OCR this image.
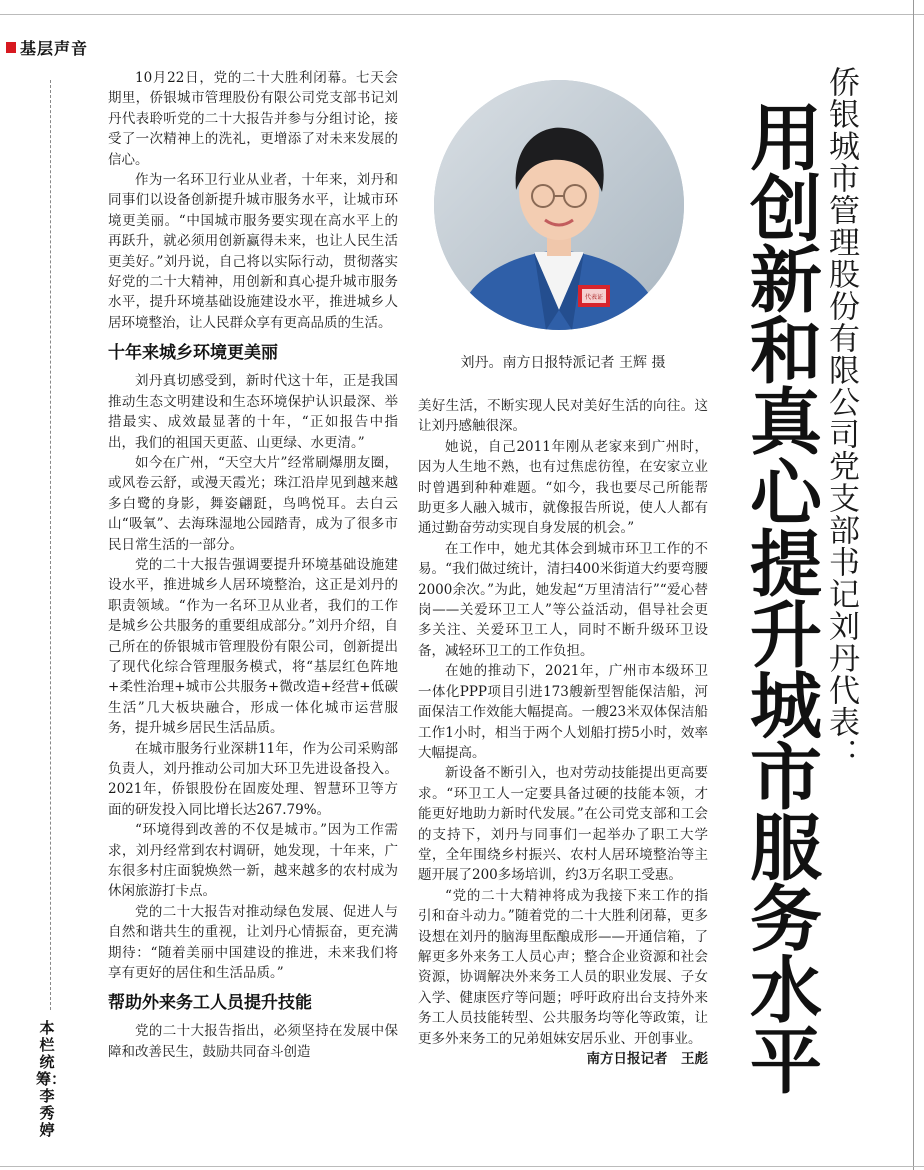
基层声音
本栏统筹：李秀婷

10月22日，党的二十大胜利闭幕。七天会期里，侨银城市管理股份有限公司党支部书记刘丹代表聆听党的二十大报告并参与分组讨论，接受了一次精神上的洗礼，更增添了对未来发展的信心。

作为一名环卫行业从业者，十年来，刘丹和同事们以设备创新提升城市服务水平，让城市环境更美丽。“中国城市服务要实现在高水平上的再跃升，就必须用创新赢得未来，也让人民生活更美好。”刘丹说，自己将以实际行动，贯彻落实好党的二十大精神，用创新和真心提升城市服务水平，提升环境基础设施建设水平，推进城乡人居环境整治，让人民群众享有更高品质的生活。

十年来城乡环境更美丽

刘丹真切感受到，新时代这十年，正是我国推动生态文明建设和生态环境保护认识最深、举措最实、成效最显著的十年，“正如报告中指出，我们的祖国天更蓝、山更绿、水更清。”

如今在广州，“天空大片”经常刷爆朋友圈，或风卷云舒，或漫天霞光；珠江沿岸见到越来越多白鹭的身影，舞姿翩跹，鸟鸣悦耳。去白云山“吸氧”、去海珠湿地公园踏青，成为了很多市民日常生活的一部分。

党的二十大报告强调要提升环境基础设施建设水平，推进城乡人居环境整治，这正是刘丹的职责领域。“作为一名环卫从业者，我们的工作是城乡公共服务的重要组成部分。”刘丹介绍，自己所在的侨银城市管理股份有限公司，创新提出了现代化综合管理服务模式，将“基层红色阵地+柔性治理+城市公共服务+微改造+经营+低碳生活”几大板块融合，形成一体化城市运营服务，提升城乡居民生活品质。

在城市服务行业深耕11年，作为公司采购部负责人，刘丹推动公司加大环卫先进设备投入。2021年，侨银股份在固废处理、智慧环卫等方面的研发投入同比增长达267.79%。

“环境得到改善的不仅是城市。”因为工作需求，刘丹经常到农村调研，她发现，十年来，广东很多村庄面貌焕然一新，越来越多的农村成为休闲旅游打卡点。

党的二十大报告对推动绿色发展、促进人与自然和谐共生的重视，让刘丹心情振奋，更充满期待：“随着美丽中国建设的推进，未来我们将享有更好的居住和生活品质。”

帮助外来务工人员提升技能

党的二十大报告指出，必须坚持在发展中保障和改善民生，鼓励共同奋斗创造

代表证
刘丹。南方日报特派记者 王辉 摄

美好生活，不断实现人民对美好生活的向往。这让刘丹感触很深。

她说，自己2011年刚从老家来到广州时，因为人生地不熟，也有过焦虑彷徨，在安家立业时曾遇到种种难题。“如今，我也要尽己所能帮助更多人融入城市，就像报告所说，使人人都有通过勤奋劳动实现自身发展的机会。”

在工作中，她尤其体会到城市环卫工作的不易。“我们做过统计，清扫400米街道大约要弯腰2000余次。”为此，她发起“万里清洁行”“爱心替岗——关爱环卫工人”等公益活动，倡导社会更多关注、关爱环卫工人，同时不断升级环卫设备，减轻环卫工的工作负担。

在她的推动下，2021年，广州市本级环卫一体化PPP项目引进173艘新型智能保洁船，河面保洁工作效能大幅提高。一艘23米双体保洁船工作1小时，相当于两个人划船打捞5小时，效率大幅提高。

新设备不断引入，也对劳动技能提出更高要求。“环卫工人一定要具备过硬的技能本领，才能更好地助力新时代发展。”在公司党支部和工会的支持下，刘丹与同事们一起举办了职工大学堂，全年围绕乡村振兴、农村人居环境整治等主题开展了200多场培训，约3万名职工受惠。

“党的二十大精神将成为我接下来工作的指引和奋斗动力。”随着党的二十大胜利闭幕，更多设想在刘丹的脑海里酝酿成形——开通信箱，了解更多外来务工人员心声；整合企业资源和社会资源，协调解决外来务工人员的职业发展、子女入学、健康医疗等问题；呼吁政府出台支持外来务工人员技能转型、公共服务均等化等政策，让更多外来务工的兄弟姐妹安居乐业、开创事业。

南方日报记者　王彪
侨银城市管理股份有限公司党支部书记刘丹代表：
用创新和真心提升城市服务水平
